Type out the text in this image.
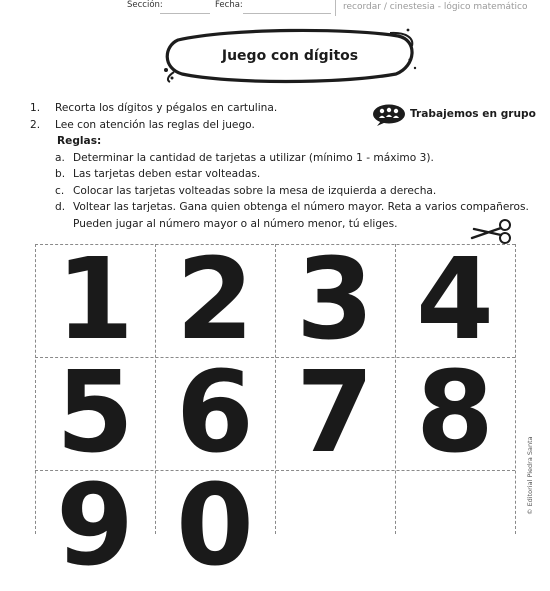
Sección:	Fecha:	recordar / cinestesia - lógico matemático
Juego con dígitos
Trabajemos en grupo
1. Recorta los dígitos y pégalos en cartulina.
2. Lee con atención las reglas del juego.
Reglas:
a. Determinar la cantidad de tarjetas a utilizar (mínimo 1 - máximo 3).
b. Las tarjetas deben estar volteadas.
c. Colocar las tarjetas volteadas sobre la mesa de izquierda a derecha.
d. Voltear las tarjetas. Gana quien obtenga el número mayor. Reta a varios compañeros.
Pueden jugar al número mayor o al número menor, tú eliges.
1 2 3 4
5 6 7 8
9 0	© Editorial Piedra Santa
